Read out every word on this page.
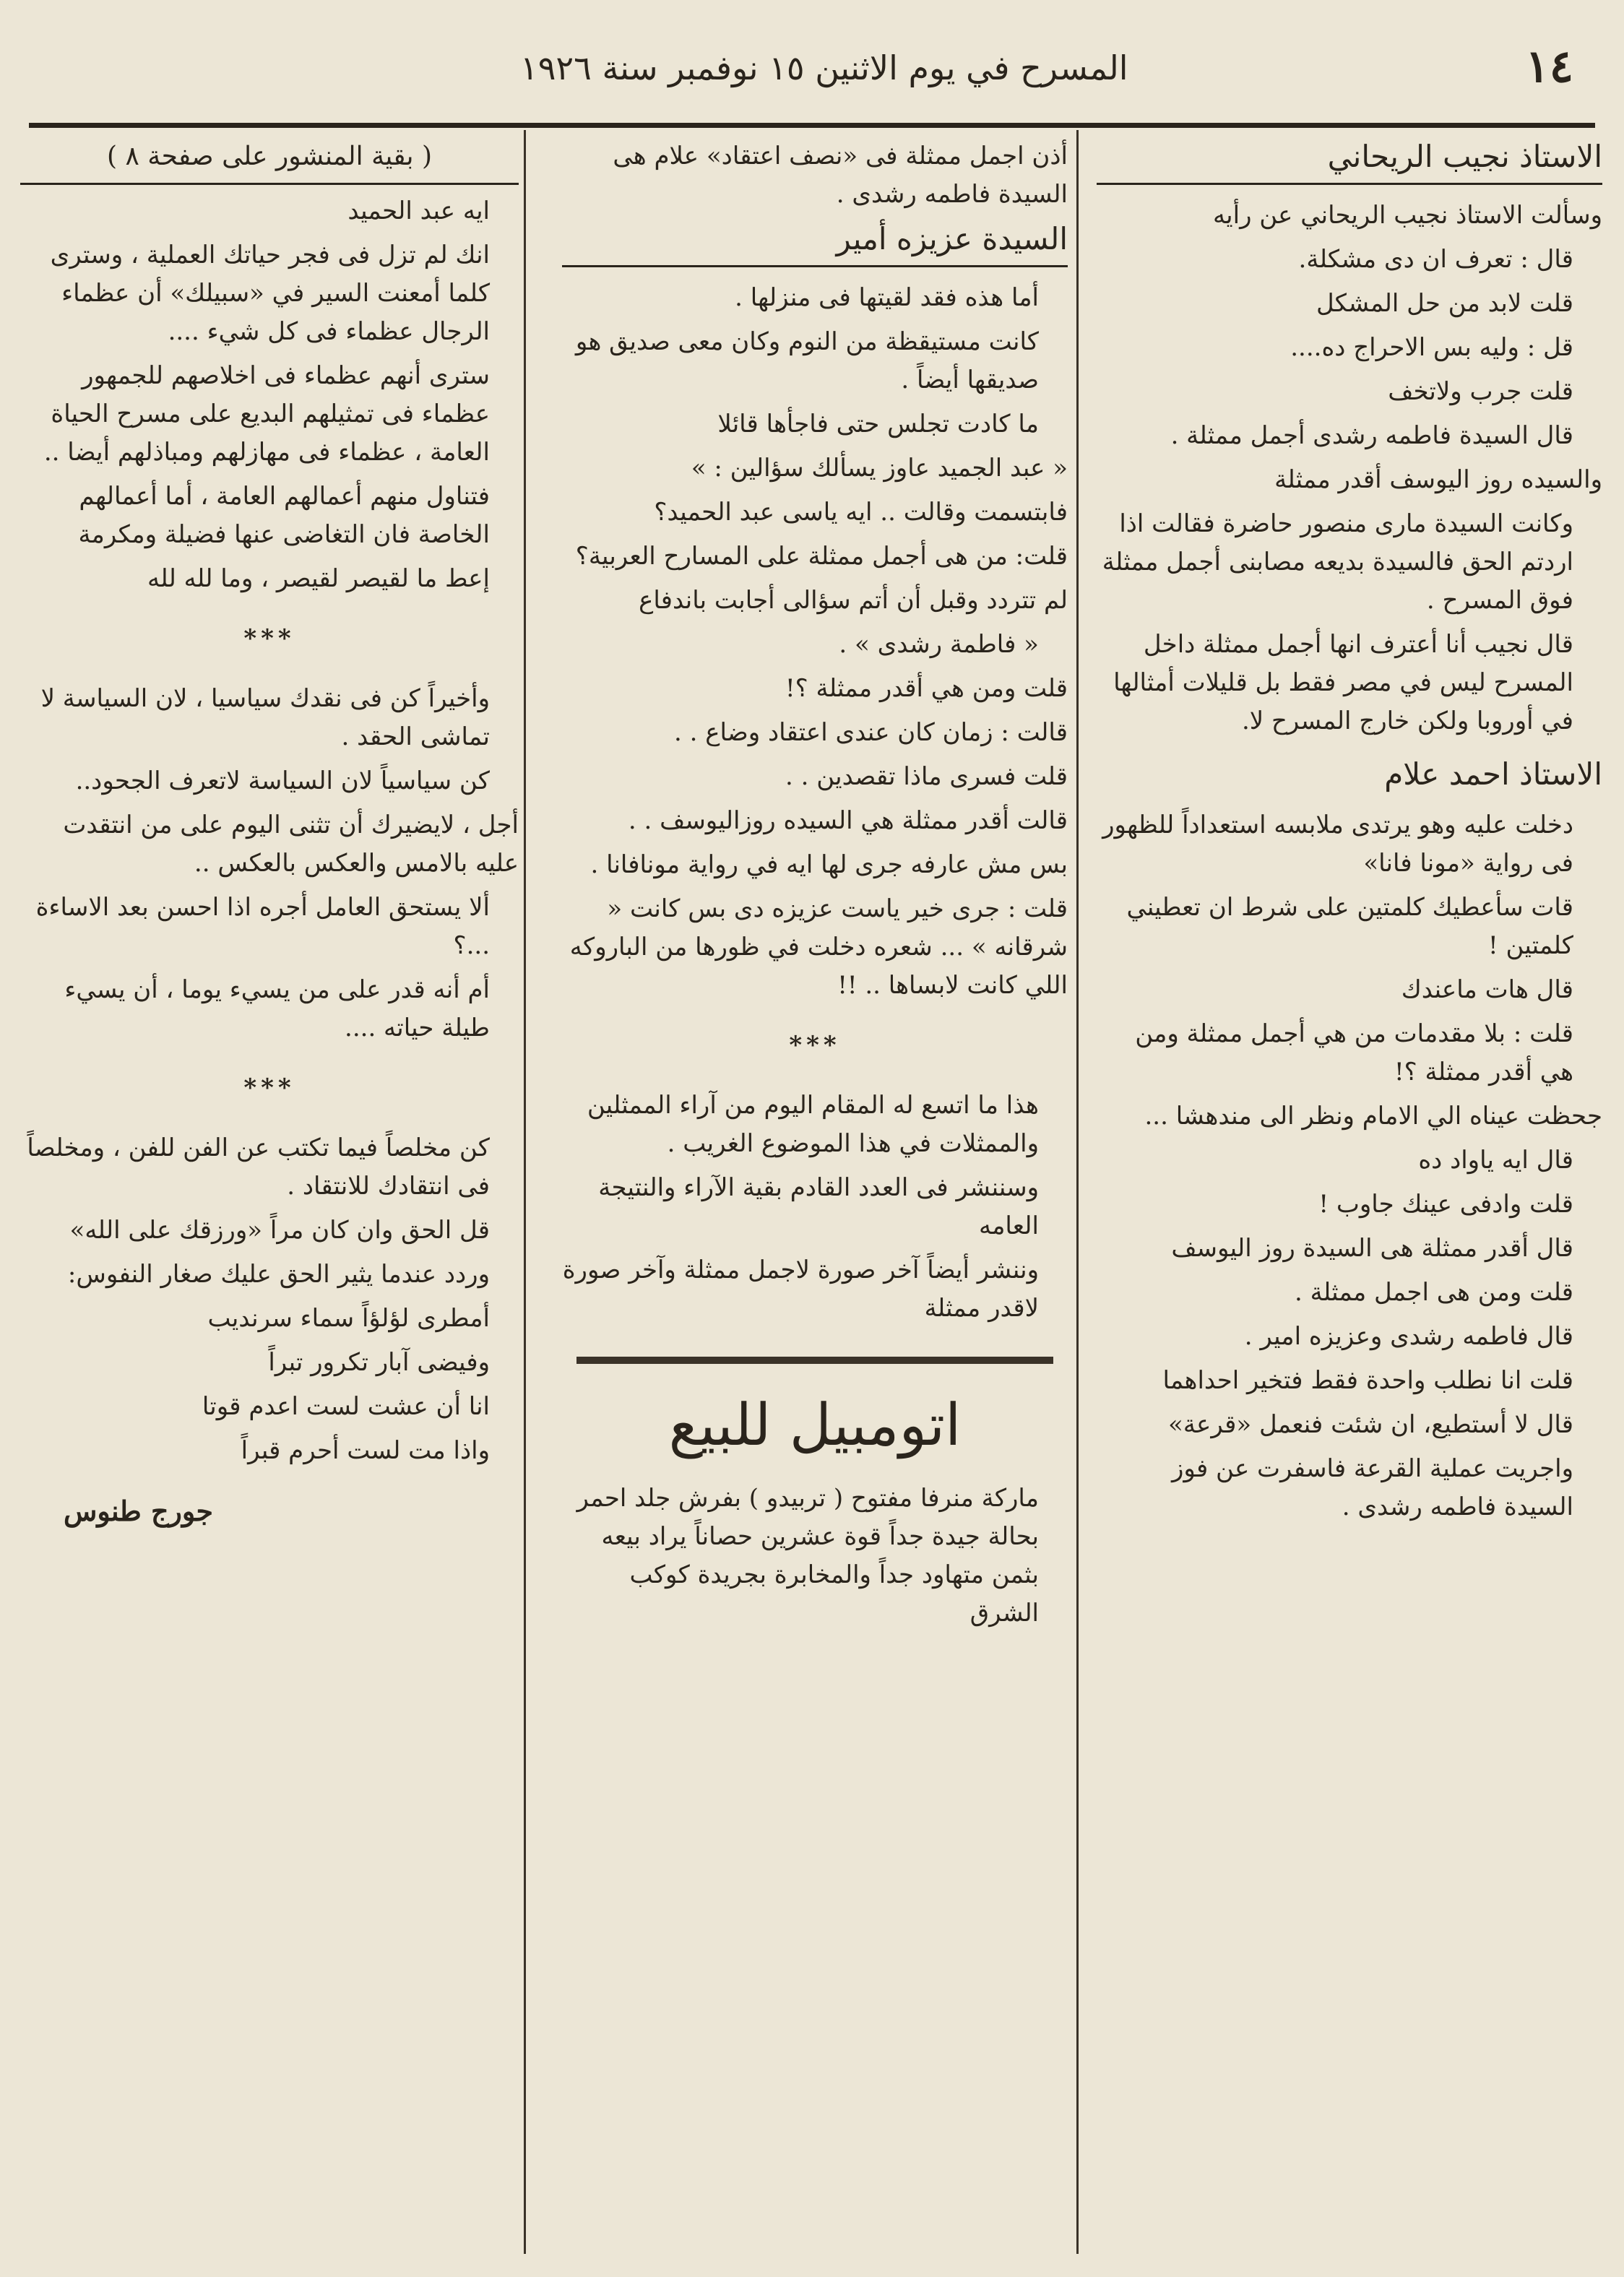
١٤
المسرح في يوم الاثنين ١٥ نوفمبر سنة ١٩٢٦

الاستاذ نجيب الريحاني

وسألت الاستاذ نجيب الريحاني عن رأيه

قال : تعرف ان دى مشكلة.

قلت لابد من حل المشكل

قل : وليه بس الاحراج ده....

قلت جرب ولاتخف

قال السيدة فاطمه رشدى أجمل ممثلة .

والسيده روز اليوسف أقدر ممثلة

وكانت السيدة مارى منصور حاضرة فقالت اذا اردتم الحق فالسيدة بديعه مصابنى أجمل ممثلة فوق المسرح .

قال نجيب أنا أعترف انها أجمل ممثلة داخل المسرح ليس في مصر فقط بل قليلات أمثالها في أوروبا ولكن خارج المسرح لا.

الاستاذ احمد علام

دخلت عليه وهو يرتدى ملابسه استعداداً للظهور فى رواية «مونا فانا»

قات سأعطيك كلمتين على شرط ان تعطيني كلمتين !

قال هات ماعندك

قلت : بلا مقدمات من هي أجمل ممثلة ومن هي أقدر ممثلة ؟!

جحظت عيناه الي الامام ونظر الى مندهشا ...

قال ايه ياواد ده

قلت وادفى عينك جاوب !

قال أقدر ممثلة هى السيدة روز اليوسف

قلت ومن هى اجمل ممثلة .

قال فاطمه رشدى وعزيزه امير .

قلت انا نطلب واحدة فقط فتخير احداهما

قال لا أستطيع، ان شئت فنعمل «قرعة»

واجريت عملية القرعة فاسفرت عن فوز السيدة فاطمه رشدى .

أذن اجمل ممثلة فى «نصف اعتقاد» علام هى السيدة فاطمه رشدى .

السيدة عزيزه أمير

أما هذه فقد لقيتها فى منزلها .

كانت مستيقظة من النوم وكان معى صديق هو صديقها أيضاً .

ما كادت تجلس حتى فاجأها قائلا

« عبد الجميد عاوز يسألك سؤالين : »

فابتسمت وقالت .. ايه ياسى عبد الحميد؟

قلت: من هى أجمل ممثلة على المسارح العربية؟

لم تتردد وقبل أن أتم سؤالى أجابت باندفاع

« فاطمة رشدى » .

قلت ومن هي أقدر ممثلة ؟!

قالت : زمان كان عندى اعتقاد وضاع . .

قلت فسرى ماذا تقصدين . .

قالت أقدر ممثلة هي السيده روزاليوسف . .

بس مش عارفه جرى لها ايه في رواية مونافانا .

قلت : جرى خير ياست عزيزه دى بس كانت « شرقانه » ... شعره دخلت في ظورها من الباروكه اللي كانت لابساها .. !!

***

هذا ما اتسع له المقام اليوم من آراء الممثلين والممثلات في هذا الموضوع الغريب .

وسننشر فى العدد القادم بقية الآراء والنتيجة العامه

وننشر أيضاً آخر صورة لاجمل ممثلة وآخر صورة لاقدر ممثلة

اتومبيل للبيع

ماركة منرفا مفتوح ( تربيدو ) بفرش جلد احمر بحالة جيدة جداً قوة عشرين حصاناً يراد بيعه بثمن متهاود جداً والمخابرة بجريدة كوكب الشرق

( بقية المنشور على صفحة ٨ )

ايه عبد الحميد

انك لم تزل فى فجر حياتك العملية ، وسترى كلما أمعنت السير في «سبيلك» أن عظماء الرجال عظماء فى كل شيء ....

سترى أنهم عظماء فى اخلاصهم للجمهور عظماء فى تمثيلهم البديع على مسرح الحياة العامة ، عظماء فى مهازلهم ومباذلهم أيضا ..

فتناول منهم أعمالهم العامة ، أما أعمالهم الخاصة فان التغاضى عنها فضيلة ومكرمة

إعط ما لقيصر لقيصر ، وما لله لله

***

وأخيراً كن فى نقدك سياسيا ، لان السياسة لا تماشى الحقد .

كن سياسياً لان السياسة لاتعرف الجحود..

أجل ، لايضيرك أن تثنى اليوم على من انتقدت عليه بالامس والعكس بالعكس ..

ألا يستحق العامل أجره اذا احسن بعد الاساءة ...؟

أم أنه قدر على من يسيء يوما ، أن يسيء طيلة حياته ....

***

كن مخلصاً فيما تكتب عن الفن للفن ، ومخلصاً فى انتقادك للانتقاد .

قل الحق وان كان مراً «ورزقك على الله»

وردد عندما يثير الحق عليك صغار النفوس:

أمطرى لؤلؤاً سماء سرنديب

وفيضى آبار تكرور تبراً

انا أن عشت لست اعدم قوتا

واذا مت لست أحرم قبراً

جورج طنوس
